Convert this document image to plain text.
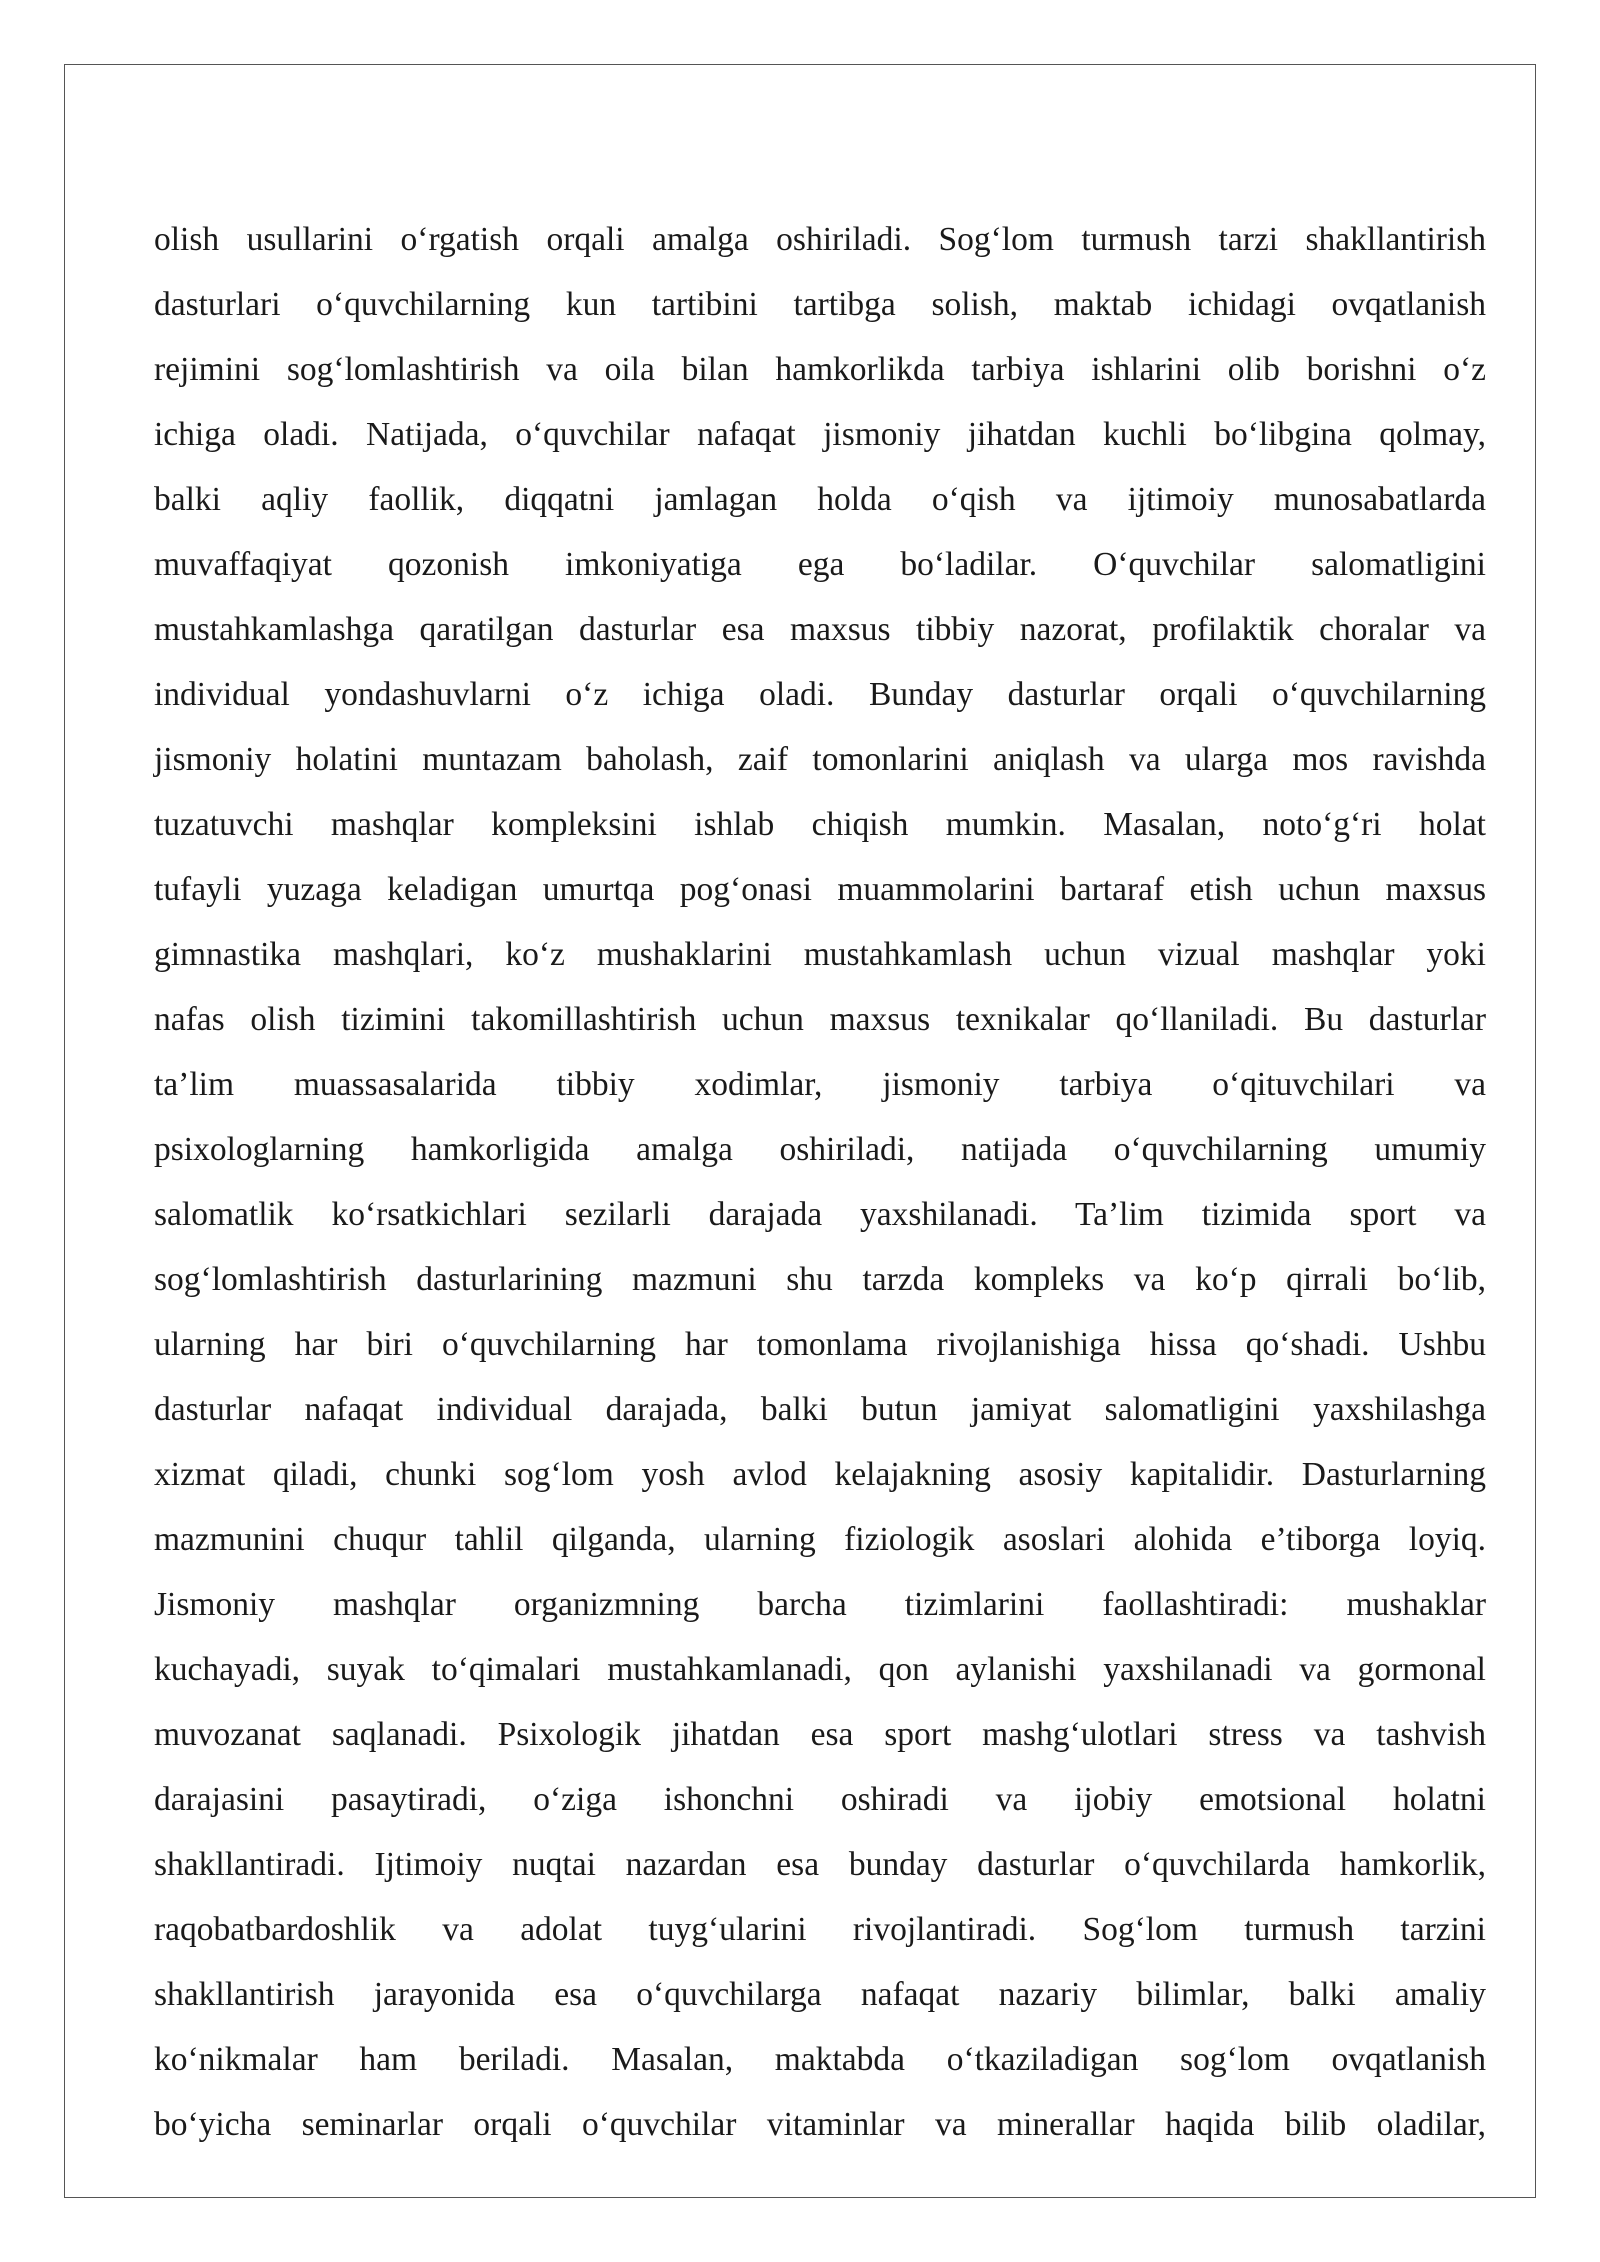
olish usullarini o‘rgatish orqali amalga oshiriladi. Sog‘lom turmush tarzi shakllantirish
dasturlari o‘quvchilarning kun tartibini tartibga solish, maktab ichidagi ovqatlanish
rejimini sog‘lomlashtirish va oila bilan hamkorlikda tarbiya ishlarini olib borishni o‘z
ichiga oladi. Natijada, o‘quvchilar nafaqat jismoniy jihatdan kuchli bo‘libgina qolmay,
balki aqliy faollik, diqqatni jamlagan holda o‘qish va ijtimoiy munosabatlarda
muvaffaqiyat qozonish imkoniyatiga ega bo‘ladilar. O‘quvchilar salomatligini
mustahkamlashga qaratilgan dasturlar esa maxsus tibbiy nazorat, profilaktik choralar va
individual yondashuvlarni o‘z ichiga oladi. Bunday dasturlar orqali o‘quvchilarning
jismoniy holatini muntazam baholash, zaif tomonlarini aniqlash va ularga mos ravishda
tuzatuvchi mashqlar kompleksini ishlab chiqish mumkin. Masalan, noto‘g‘ri holat
tufayli yuzaga keladigan umurtqa pog‘onasi muammolarini bartaraf etish uchun maxsus
gimnastika mashqlari, ko‘z mushaklarini mustahkamlash uchun vizual mashqlar yoki
nafas olish tizimini takomillashtirish uchun maxsus texnikalar qo‘llaniladi. Bu dasturlar
ta’lim muassasalarida tibbiy xodimlar, jismoniy tarbiya o‘qituvchilari va
psixologlarning hamkorligida amalga oshiriladi, natijada o‘quvchilarning umumiy
salomatlik ko‘rsatkichlari sezilarli darajada yaxshilanadi. Ta’lim tizimida sport va
sog‘lomlashtirish dasturlarining mazmuni shu tarzda kompleks va ko‘p qirrali bo‘lib,
ularning har biri o‘quvchilarning har tomonlama rivojlanishiga hissa qo‘shadi. Ushbu
dasturlar nafaqat individual darajada, balki butun jamiyat salomatligini yaxshilashga
xizmat qiladi, chunki sog‘lom yosh avlod kelajakning asosiy kapitalidir. Dasturlarning
mazmunini chuqur tahlil qilganda, ularning fiziologik asoslari alohida e’tiborga loyiq.
Jismoniy mashqlar organizmning barcha tizimlarini faollashtiradi: mushaklar
kuchayadi, suyak to‘qimalari mustahkamlanadi, qon aylanishi yaxshilanadi va gormonal
muvozanat saqlanadi. Psixologik jihatdan esa sport mashg‘ulotlari stress va tashvish
darajasini pasaytiradi, o‘ziga ishonchni oshiradi va ijobiy emotsional holatni
shakllantiradi. Ijtimoiy nuqtai nazardan esa bunday dasturlar o‘quvchilarda hamkorlik,
raqobatbardoshlik va adolat tuyg‘ularini rivojlantiradi. Sog‘lom turmush tarzini
shakllantirish jarayonida esa o‘quvchilarga nafaqat nazariy bilimlar, balki amaliy
ko‘nikmalar ham beriladi. Masalan, maktabda o‘tkaziladigan sog‘lom ovqatlanish
bo‘yicha seminarlar orqali o‘quvchilar vitaminlar va minerallar haqida bilib oladilar,
